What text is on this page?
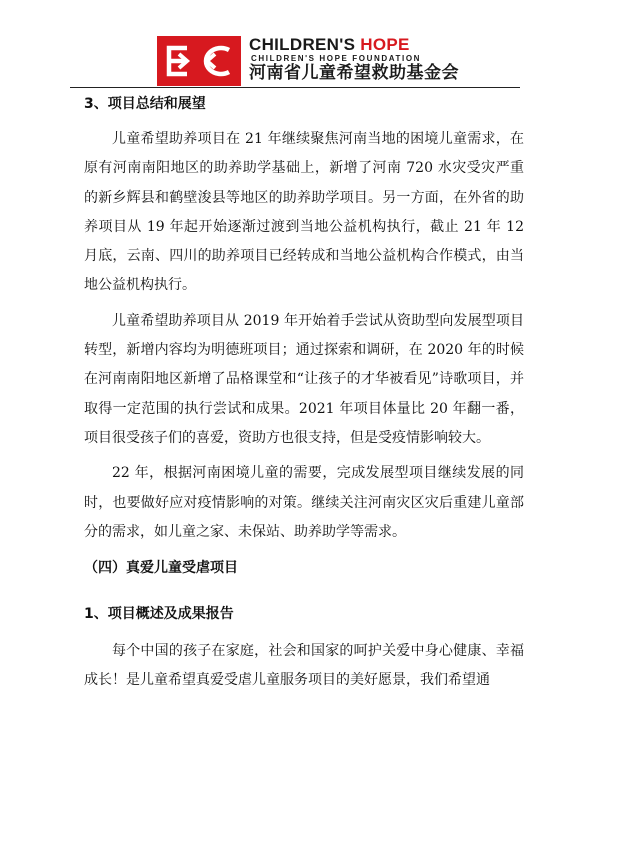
CHILDREN'S HOPE
CHILDREN'S HOPE FOUNDATION
河南省儿童希望救助基金会

3、项目总结和展望

儿童希望助养项目在 21 年继续聚焦河南当地的困境儿童需求，在原有河南南阳地区的助养助学基础上，新增了河南 720 水灾受灾严重的新乡辉县和鹤壁浚县等地区的助养助学项目。另一方面，在外省的助养项目从 19 年起开始逐渐过渡到当地公益机构执行，截止 21 年 12 月底，云南、四川的助养项目已经转成和当地公益机构合作模式，由当地公益机构执行。

儿童希望助养项目从 2019 年开始着手尝试从资助型向发展型项目转型，新增内容均为明德班项目；通过探索和调研，在 2020 年的时候在河南南阳地区新增了品格课堂和“让孩子的才华被看见”诗歌项目，并取得一定范围的执行尝试和成果。2021 年项目体量比 20 年翻一番，项目很受孩子们的喜爱，资助方也很支持，但是受疫情影响较大。

22 年，根据河南困境儿童的需要，完成发展型项目继续发展的同时，也要做好应对疫情影响的对策。继续关注河南灾区灾后重建儿童部分的需求，如儿童之家、未保站、助养助学等需求。

（四）真爱儿童受虐项目

1、项目概述及成果报告

每个中国的孩子在家庭，社会和国家的呵护关爱中身心健康、幸福成长！是儿童希望真爱受虐儿童服务项目的美好愿景，我们希望通
